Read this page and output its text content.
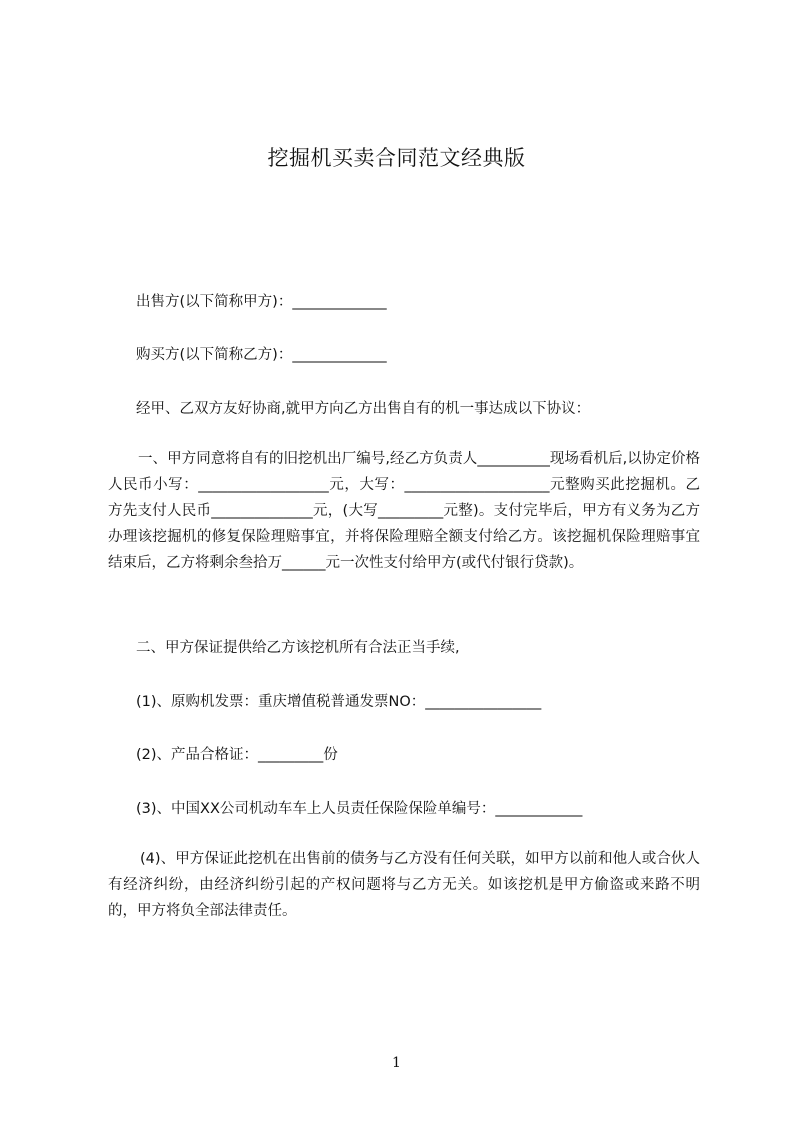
挖掘机买卖合同范文经典版

出售方(以下简称甲方)：_____________

购买方(以下简称乙方)：_____________

经甲、乙双方友好协商,就甲方向乙方出售自有的机一事达成以下协议：

一、甲方同意将自有的旧挖机出厂编号,经乙方负责人__________现场看机后,以协定价格人民币小写：__________________元，大写：____________________元整购买此挖掘机。乙方先支付人民币______________元，(大写_________元整)。支付完毕后，甲方有义务为乙方办理该挖掘机的修复保险理赔事宜，并将保险理赔全额支付给乙方。该挖掘机保险理赔事宜结束后，乙方将剩余叁拾万______元一次性支付给甲方(或代付银行贷款)。

二、甲方保证提供给乙方该挖机所有合法正当手续,

(1)、原购机发票：重庆增值税普通发票NO：________________

(2)、产品合格证：_________份

(3)、中国XX公司机动车车上人员责任保险保险单编号：____________

(4)、甲方保证此挖机在出售前的债务与乙方没有任何关联，如甲方以前和他人或合伙人有经济纠纷，由经济纠纷引起的产权问题将与乙方无关。如该挖机是甲方偷盗或来路不明的，甲方将负全部法律责任。

1
